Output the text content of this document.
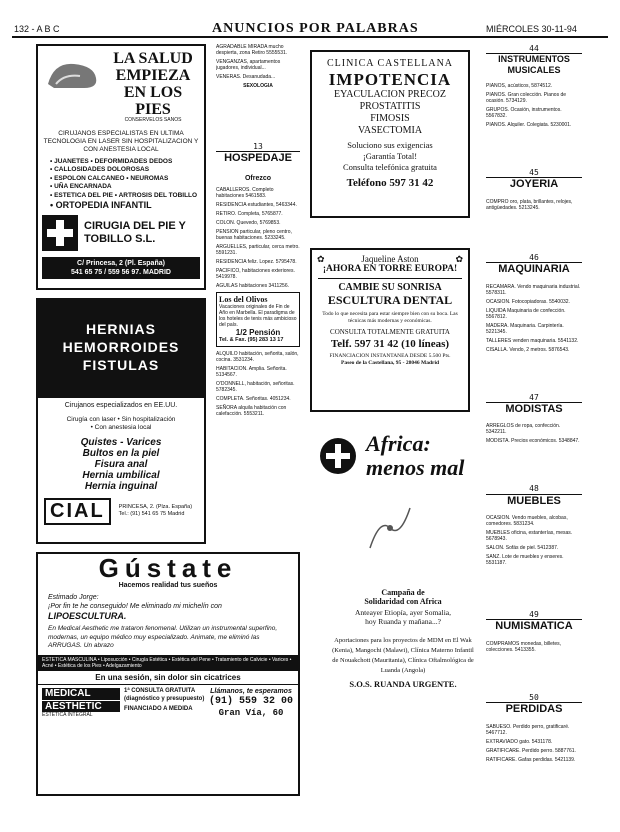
132 - A B C	ANUNCIOS POR PALABRAS	MIÉRCOLES 30-11-94
LA SALUD
EMPIEZA
EN LOS PIES
CONSERVELOS SANOS
CIRUJANOS ESPECIALISTAS EN ULTIMA TECNOLOGIA EN LASER SIN HOSPITALIZACION Y CON ANESTESIA LOCAL
• JUANETES • DEFORMIDADES DEDOS
• CALLOSIDADES DOLOROSAS
• ESPOLON CALCANEO • NEUROMAS
• UÑA ENCARNADA
• ESTETICA DEL PIE • ARTROSIS DEL TOBILLO
• ORTOPEDIA INFANTIL
CIRUGIA DEL PIE Y TOBILLO S.L.
C/ Princesa, 2 (Pl. España)
541 65 75 / 559 56 97. MADRID
HERNIAS HEMORROIDES FISTULAS
Cirujanos especializados en EE.UU.
Cirugía con laser • Sin hospitalización
• Con anestesia local
Quistes - Varices
Bultos en la piel
Fisura anal
Hernia umbilical
Hernia inguinal
CIAL	PRINCESA, 2. (Plza. España) Tel.: (91) 541 65 75 Madrid
Gústate
Hacemos realidad tus sueños
Estimado Jorge:
¡Por fin te he conseguido! Me eliminado mi michelín con
LIPOESCULTURA.
En Medical Aesthetic me trataron fenomenal. Utilizan un instrumental superfino, modernas, un equipo médico muy especializado. Animate, me eliminó las ARRUGAS. Un abrazo
ESTETICA MASCULINA • Liposucción • Cirugía Estética • Estética del Pene • Tratamiento de Calvicie • Varices • Acné • Estética de los Pies • Adelgazamiento
En una sesión, sin dolor sin cicatrices
MEDICAL
AESTHETIC
ESTETICA INTEGRAL
1ª CONSULTA GRATUITA (diagnóstico y presupuesto)
FINANCIADO A MEDIDA
Llámanos, te esperamos
(91) 559 32 00
Gran Vía, 60
AGRADABLE MIRADA mucho despierta, zona Retiro 5555531.
VENGANZAS, apartamentos jugadores, individual...
VENERAS. Desanudada...
SEXOLOGIA
13
HOSPEDAJE
Ofrezco
CABALLEROS. Completo habitaciones 5461583.
RESIDENCIA estudiantes, 5463344.
RETIRO. Completa, 5765877.
COLON. Quevedo, 5769853.
PENSION particular, pleno centro, buenas habitaciones. 5233245.
ARGUELLES, particular, cerca metro. 5591231.
RESIDENCIA feliz. Lopez. 5795478.
PACIFICO, habitaciones exteriores. 5419978.
AGUILAS habitaciones 3411256.
Los del Olivos
Vacaciones originales de Fin de Año en Marbella. El paradigma de los hoteles de tenis más ambicioso del país.
1/2 Pensión
Tel. & Fax. (95) 283 13 17
ALQUILO habitación, señorita, salón, cocina. 3531234.
HABITACION. Amplia. Señorita. 5134567.
O'DONNELL, habitación, señoritas. 5782345.
COMPLETA. Señoritas. 4051234.
SEÑORA alquila habitación con calefacción. 5553211.
CLINICA CASTELLANA
IMPOTENCIA
EYACULACION PRECOZ
PROSTATITIS
FIMOSIS
VASECTOMIA
Soluciono sus exigencias
¡Garantía Total!
Consulta telefónica gratuita
Teléfono 597 31 42
✿	Jaqueline Aston	✿
¡AHORA EN TORRE EUROPA!
CAMBIE SU SONRISA
ESCULTURA DENTAL
Todo lo que necesita para estar siempre bien con su boca. Las técnicas más modernas y económicas.
CONSULTA TOTALMENTE GRATUITA
Telf. 597 31 42 (10 líneas)
FINANCIACION INSTANTANEA DESDE 5.500 Pts.
Paseo de la Castellana, 95 - 28046 Madrid
Africa:
menos mal
Campaña de
Solidaridad con Africa
Anteayer Etiopía, ayer Somalia,
hoy Ruanda y mañana...?
Aportaciones para los proyectos de MDM en El Wak (Kenia), Mangochi (Malawi), Clínica Materno Infantil de Nouakchott (Mauritania), Clínica Oftalmológica de Luanda (Angola)
S.O.S. RUANDA URGENTE.
44
INSTRUMENTOS MUSICALES
PIANOS, acústicos, 5874512.
PIANOS. Gran colección. Pianos de ocasión. 5734129.
GRUPOS. Ocasión, instrumentos. 5567832.
PIANOS. Alquiler. Colegiata. 5230001.
45
JOYERIA
COMPRO oro, plata, brillantes, relojes, antigüedades. 5213245.
46
MAQUINARIA
RECAMARA. Vendo maquinaria industrial. 5578311.
OCASION. Fotocopiadoras. 5540032.
LIQUIDA Maquinaria de confección. 5567812.
MADERA. Maquinaria. Carpintería. 5221345.
TALLERES venden maquinaria. 5541132.
CISALLA. Vendo, 2 metros. 5876543.
47
MODISTAS
ARREGLOS de ropa, confección. 5342211.
MODISTA. Precios económicos. 5348847.
48
MUEBLES
OCASION. Vendo muebles, alcobas, comedores. 5831234.
MUEBLES oficina, estanterías, mesas. 5678943.
SALON. Sofás de piel. 5412387.
SANZ. Lote de muebles y enseres. 5531187.
49
NUMISMATICA
COMPRAMOS monedas, billetes, colecciones. 5413355.
50
PERDIDAS
SABUESO. Perdido perro, gratificaré. 5467712.
EXTRAVIADO gato. 5431178.
GRATIFICARE. Perdido perro. 5887761.
RATIFICARE. Gafas perdidas. 5421139.
